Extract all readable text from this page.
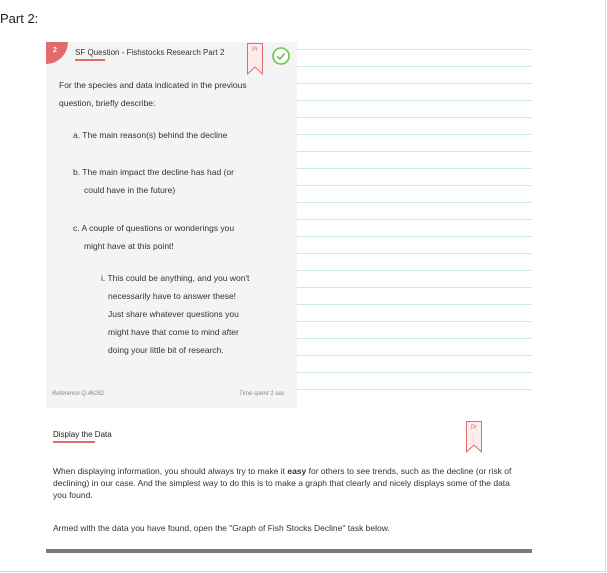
Part 2:
2 SF Question - Fishstocks Research Part 2	Pr
For the species and data indicated in the previous
question, briefly describe:
a. The main reason(s) behind the decline
b. The main impact the decline has had (or
could have in the future)
c. A couple of questions or wonderings you
might have at this point!
i. This could be anything, and you won't
necessarily have to answer these!
Just share whatever questions you
might have that come to mind after
doing your little bit of research.
Reference Q.46282	Time spent 1 sec
Display the Data
Pr
When displaying information, you should always try to make it easy for others to see trends, such as the decline (or risk of declining) in our case. And the simplest way to do this is to make a graph that clearly and nicely displays some of the data you found.
Armed with the data you have found, open the "Graph of Fish Stocks Decline" task below.
